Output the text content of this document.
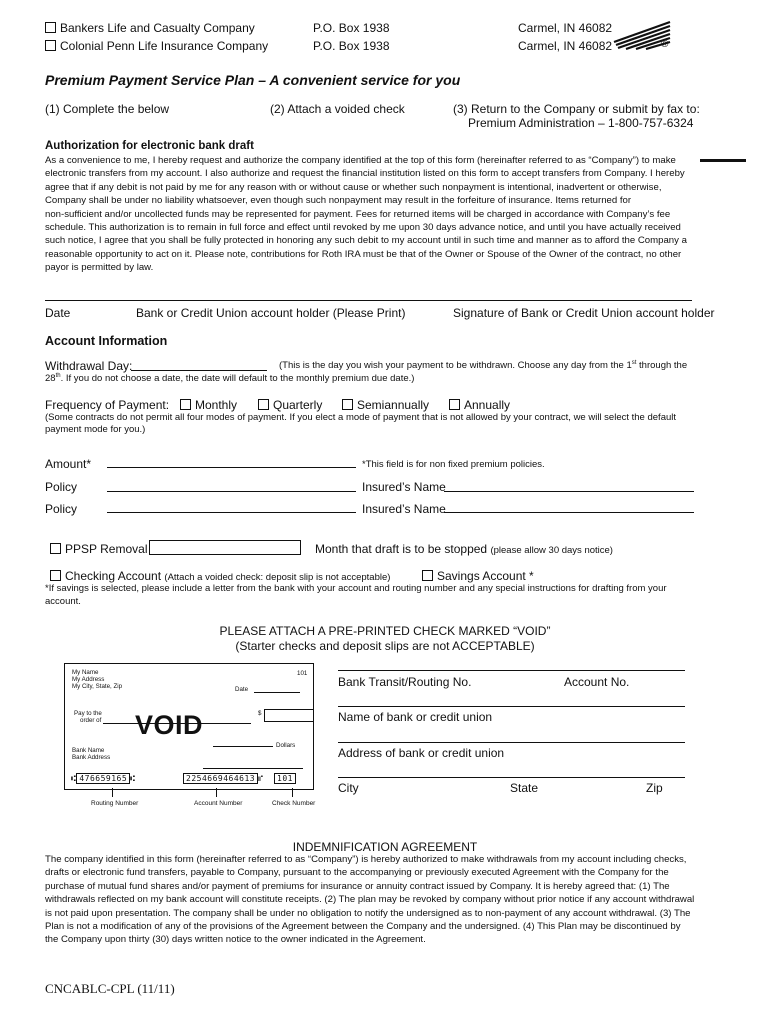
Bankers Life and Casualty Company	P.O. Box 1938	Carmel, IN 46082
Colonial Penn Life Insurance Company	P.O. Box 1938	Carmel, IN 46082	®
Premium Payment Service Plan – A convenient service for you
(1) Complete the below	(2) Attach a voided check	(3) Return to the Company or submit by fax to:
Premium Administration – 1-800-757-6324
Authorization for electronic bank draft
As a convenience to me, I hereby request and authorize the company identified at the top of this form (hereinafter referred to as “Company”) to make
electronic transfers from my account. I also authorize and request the financial institution listed on this form to accept transfers from Company. I hereby
agree that if any debit is not paid by me for any reason with or without cause or whether such nonpayment is intentional, inadvertent or otherwise,
Company shall be under no liability whatsoever, even though such nonpayment may result in the forfeiture of insurance. Items returned for
non-sufficient and/or uncollected funds may be represented for payment. Fees for returned items will be charged in accordance with Company’s fee
schedule. This authorization is to remain in full force and effect until revoked by me upon 30 days advance notice, and until you have actually received
such notice, I agree that you shall be fully protected in honoring any such debit to my account until in such time and manner as to afford the Company a
reasonable opportunity to act on it. Please note, contributions for Roth IRA must be that of the Owner or Spouse of the Owner of the contract, no other
payor is permitted by law.
Date	Bank or Credit Union account holder (Please Print)	Signature of Bank or Credit Union account holder
Account Information
Withdrawal Day:	(This is the day you wish your payment to be withdrawn. Choose any day from the 1st through the
28th. If you do not choose a date, the date will default to the monthly premium due date.)
Frequency of Payment:	Monthly	Quarterly	Semiannually	Annually
(Some contracts do not permit all four modes of payment. If you elect a mode of payment that is not allowed by your contract, we will select the default
payment mode for you.)
Amount*	*This field is for non fixed premium policies.
Policy	Insured’s Name
Policy	Insured’s Name
PPSP Removal	Month that draft is to be stopped (please allow 30 days notice)
Checking Account (Attach a voided check: deposit slip is not acceptable)	Savings Account *
*If savings is selected, please include a letter from the bank with your account and routing number and any special instructions for drafting from your
account.
PLEASE ATTACH A PRE-PRINTED CHECK MARKED “VOID”
(Starter checks and deposit slips are not ACCEPTABLE)
My Name
My Address
My City, State, Zip
101
Date
Pay to the
order of
$
VOID
Dollars
Bank Name
Bank Address
⑆ 476659165 ⑆	2254669464613 ⑈	101
Routing Number	Account Number	Check Number
Bank Transit/Routing No.	Account No.
Name of bank or credit union
Address of bank or credit union
City	State	Zip
INDEMNIFICATION AGREEMENT
The company identified in this form (hereinafter referred to as “Company”) is hereby authorized to make withdrawals from my account including checks,
drafts or electronic fund transfers, payable to Company, pursuant to the accompanying or previously executed Agreement with the Company for the
purchase of mutual fund shares and/or payment of premiums for insurance or annuity contract issued by Company. It is hereby agreed that: (1) The
withdrawals reflected on my bank account will constitute receipts. (2) The plan may be revoked by company without prior notice if any account withdrawal
is not paid upon presentation. The company shall be under no obligation to notify the undersigned as to non-payment of any account withdrawal. (3) The
Plan is not a modification of any of the provisions of the Agreement between the Company and the undersigned. (4) This Plan may be discontinued by
the Company upon thirty (30) days written notice to the owner indicated in the Agreement.
CNCABLC-CPL (11/11)
